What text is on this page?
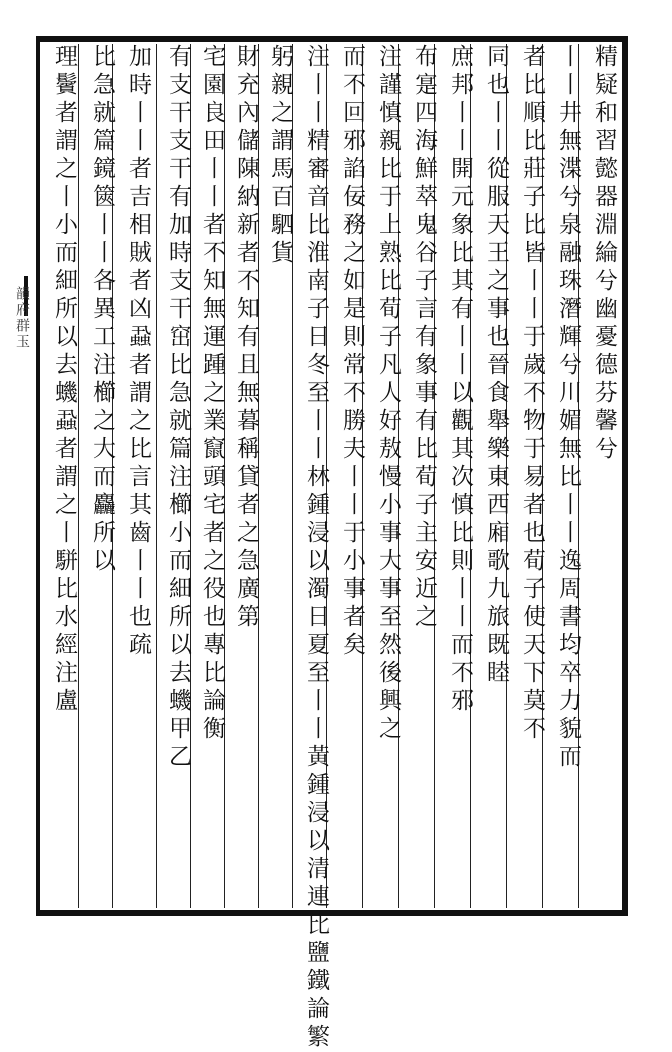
韻府群玉	精疑和習懿器淵綸兮幽憂德芬馨兮
丨丨井無渫兮泉融珠潛輝兮川媚無比丨丨逸周書均卒力貌而
者比順比莊子比皆丨丨于歲不物于易者也荀子使天下莫不
同也丨丨從服天王之事也晉食舉樂東西廂歌九旅既睦
庶邦丨丨開元象比其有丨丨以觀其次慎比則丨丨而不邪
布寔四海鮮萃鬼谷子言有象事有比荀子主安近之
注謹慎親比于上熟比荀子凡人好敖慢小事大事至然後興之
而不回邪諂佞務之如是則常不勝夫丨丨于小事者矣
注丨丨精審音比淮南子日冬至丨丨林鍾浸以濁日夏至丨丨黃鍾浸以清連比鹽鐵論繁
躬親之謂馬百駟貨
財充內儲陳納新者不知有且無暮稱貸者之急廣第
宅園良田丨丨者不知無運踵之業竄頭宅者之役也專比論衡
有支干支干有加時支干窋比急就篇注櫛小而細所以去蟣甲乙
加時丨丨者吉相賊者凶蝨者謂之比言其齒丨丨也疏
比急就篇鏡篋丨丨各異工注櫛之大而麤所以
理鬢者謂之丨小而細所以去蟣蝨者謂之丨駢比水經注盧
